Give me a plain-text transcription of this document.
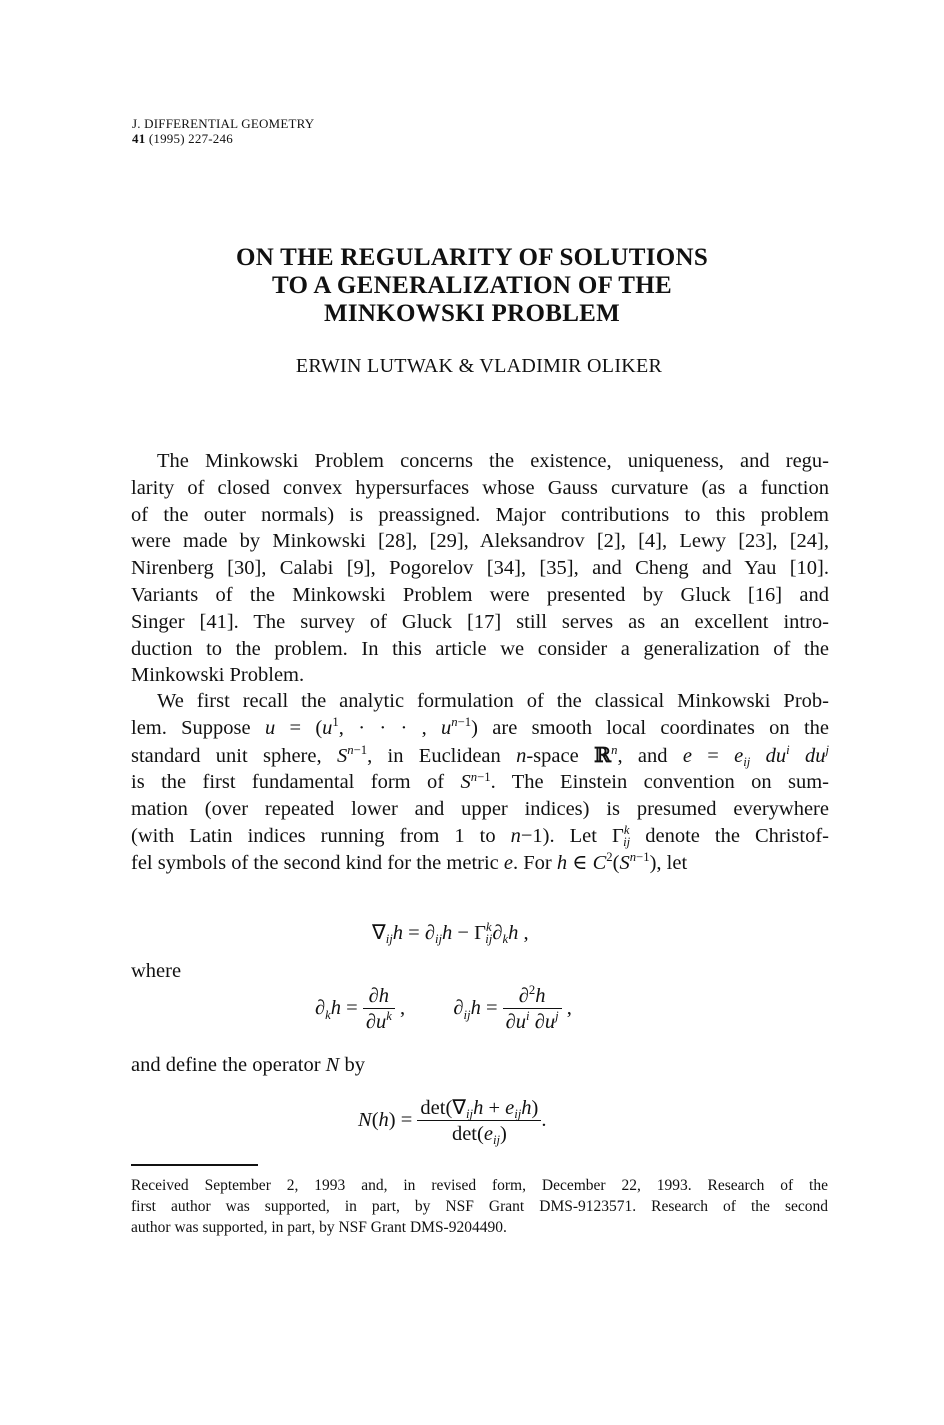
J. DIFFERENTIAL GEOMETRY
41 (1995) 227-246
ON THE REGULARITY OF SOLUTIONS
TO A GENERALIZATION OF THE
MINKOWSKI PROBLEM
ERWIN LUTWAK & VLADIMIR OLIKER
The Minkowski Problem concerns the existence, uniqueness, and regu-
larity of closed convex hypersurfaces whose Gauss curvature (as a function
of the outer normals) is preassigned. Major contributions to this problem
were made by Minkowski [28], [29], Aleksandrov [2], [4], Lewy [23], [24],
Nirenberg [30], Calabi [9], Pogorelov [34], [35], and Cheng and Yau [10].
Variants of the Minkowski Problem were presented by Gluck [16] and
Singer [41]. The survey of Gluck [17] still serves as an excellent intro-
duction to the problem. In this article we consider a generalization of the
Minkowski Problem.
We first recall the analytic formulation of the classical Minkowski Prob-
lem. Suppose $u = (u^1$, · · · , $u^{n-1}$) are smooth local coordinates on the
standard unit sphere, $S^{n-1}$, in Euclidean n-space ℝ$^n$, and $e = e_{ij}$ $du^i$ $du^j$
is the first fundamental form of $S^{n-1}$. The Einstein convention on sum-
mation (over repeated lower and upper indices) is presumed everywhere
(with Latin indices running from 1 to n−1). Let $\Gamma^k_{ij}$ denote the Christof-
fel symbols of the second kind for the metric e. For h ∈ $C^2(S^{n-1})$, let
$\nabla_{ij}h = \partial_{ij}h - \Gamma^k_{ij}\partial_kh$ ,
where
$\partial_kh = \frac{\partial h}{\partial u^k}$ ,  $\partial_{ij}h = \frac{\partial^2h}{\partial u^i \partial u^j}$ ,
and define the operator N by
$N(h) = \frac{\det(\nabla_{ij}h + e_{ij}h)}{\det(e_{ij})}$ .
Received September 2, 1993 and, in revised form, December 22, 1993. Research of the
first author was supported, in part, by NSF Grant DMS-9123571. Research of the second
author was supported, in part, by NSF Grant DMS-9204490.
